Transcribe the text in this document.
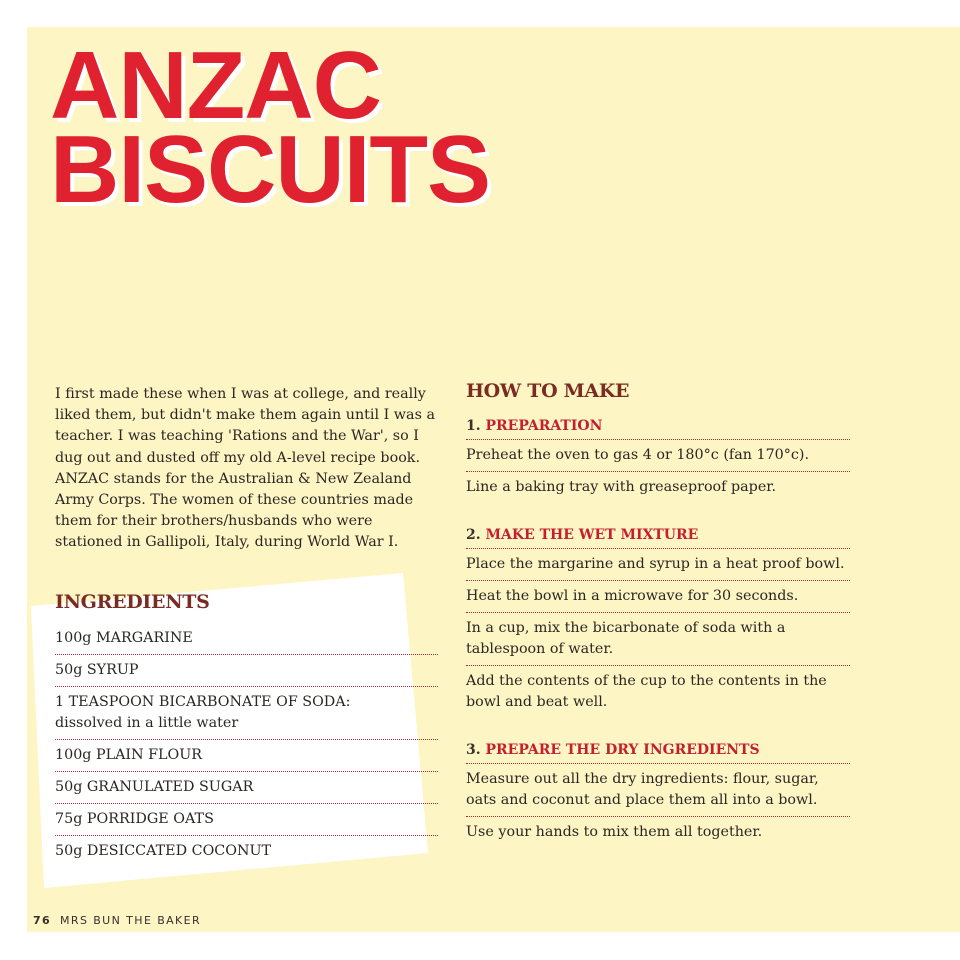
ANZAC
BISCUITS

I first made these when I was at college, and really liked them, but didn't make them again until I was a teacher. I was teaching 'Rations and the War', so I dug out and dusted off my old A-level recipe book. ANZAC stands for the Australian & New Zealand Army Corps. The women of these countries made them for their brothers/husbands who were stationed in Gallipoli, Italy, during World War I.

INGREDIENTS
100g MARGARINE
50g SYRUP
1 TEASPOON BICARBONATE OF SODA:
dissolved in a little water
100g PLAIN FLOUR
50g GRANULATED SUGAR
75g PORRIDGE OATS
50g DESICCATED COCONUT
HOW TO MAKE
1. PREPARATION
Preheat the oven to gas 4 or 180°c (fan 170°c).
Line a baking tray with greaseproof paper.
2. MAKE THE WET MIXTURE
Place the margarine and syrup in a heat proof bowl.
Heat the bowl in a microwave for 30 seconds.
In a cup, mix the bicarbonate of soda with a tablespoon of water.
Add the contents of the cup to the contents in the bowl and beat well.
3. PREPARE THE DRY INGREDIENTS
Measure out all the dry ingredients: flour, sugar, oats and coconut and place them all into a bowl.
Use your hands to mix them all together.
76 MRS BUN THE BAKER
